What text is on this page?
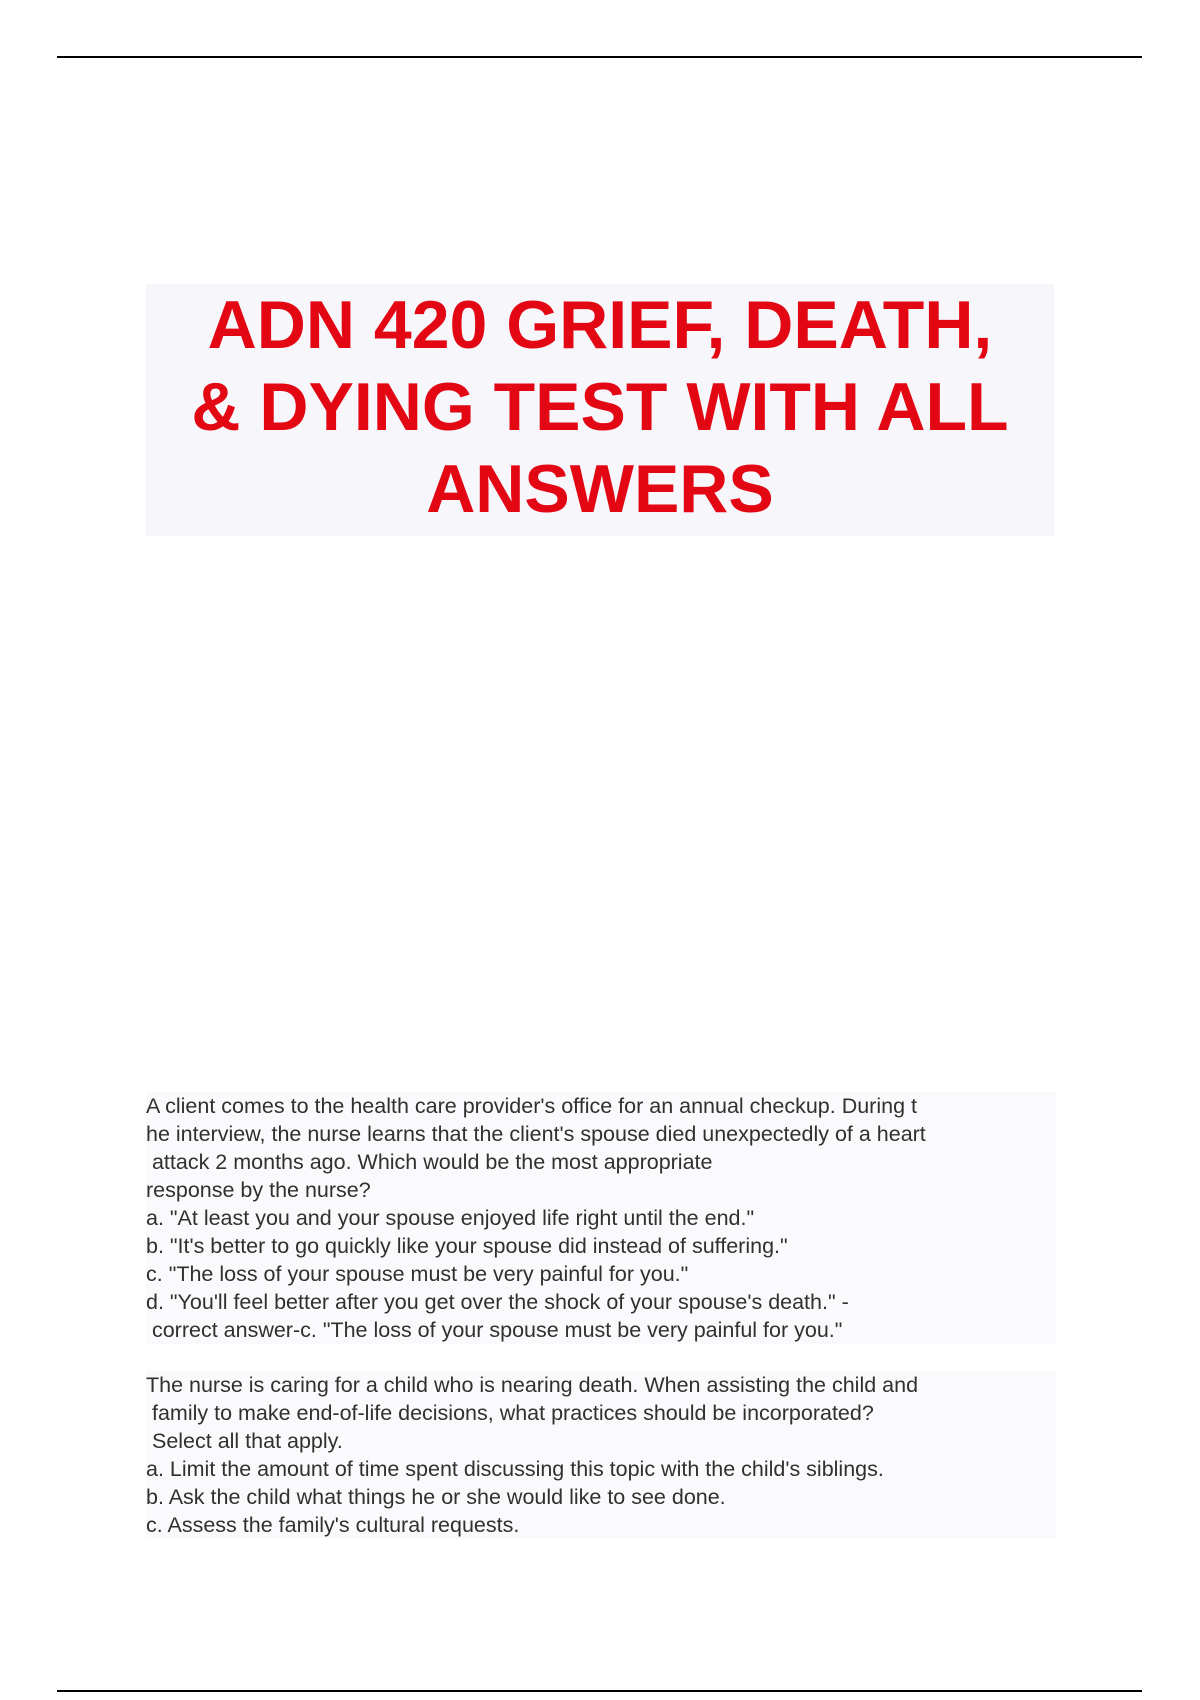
ADN 420 GRIEF, DEATH,
& DYING TEST WITH ALL
ANSWERS
A client comes to the health care provider's office for an annual checkup. During t
he interview, the nurse learns that the client's spouse died unexpectedly of a heart
attack 2 months ago. Which would be the most appropriate
response by the nurse?
a. "At least you and your spouse enjoyed life right until the end."
b. "It's better to go quickly like your spouse did instead of suffering."
c. "The loss of your spouse must be very painful for you."
d. "You'll feel better after you get over the shock of your spouse's death." -
correct answer-c. "The loss of your spouse must be very painful for you."
The nurse is caring for a child who is nearing death. When assisting the child and
family to make end-of-life decisions, what practices should be incorporated?
Select all that apply.
a. Limit the amount of time spent discussing this topic with the child's siblings.
b. Ask the child what things he or she would like to see done.
c. Assess the family's cultural requests.
